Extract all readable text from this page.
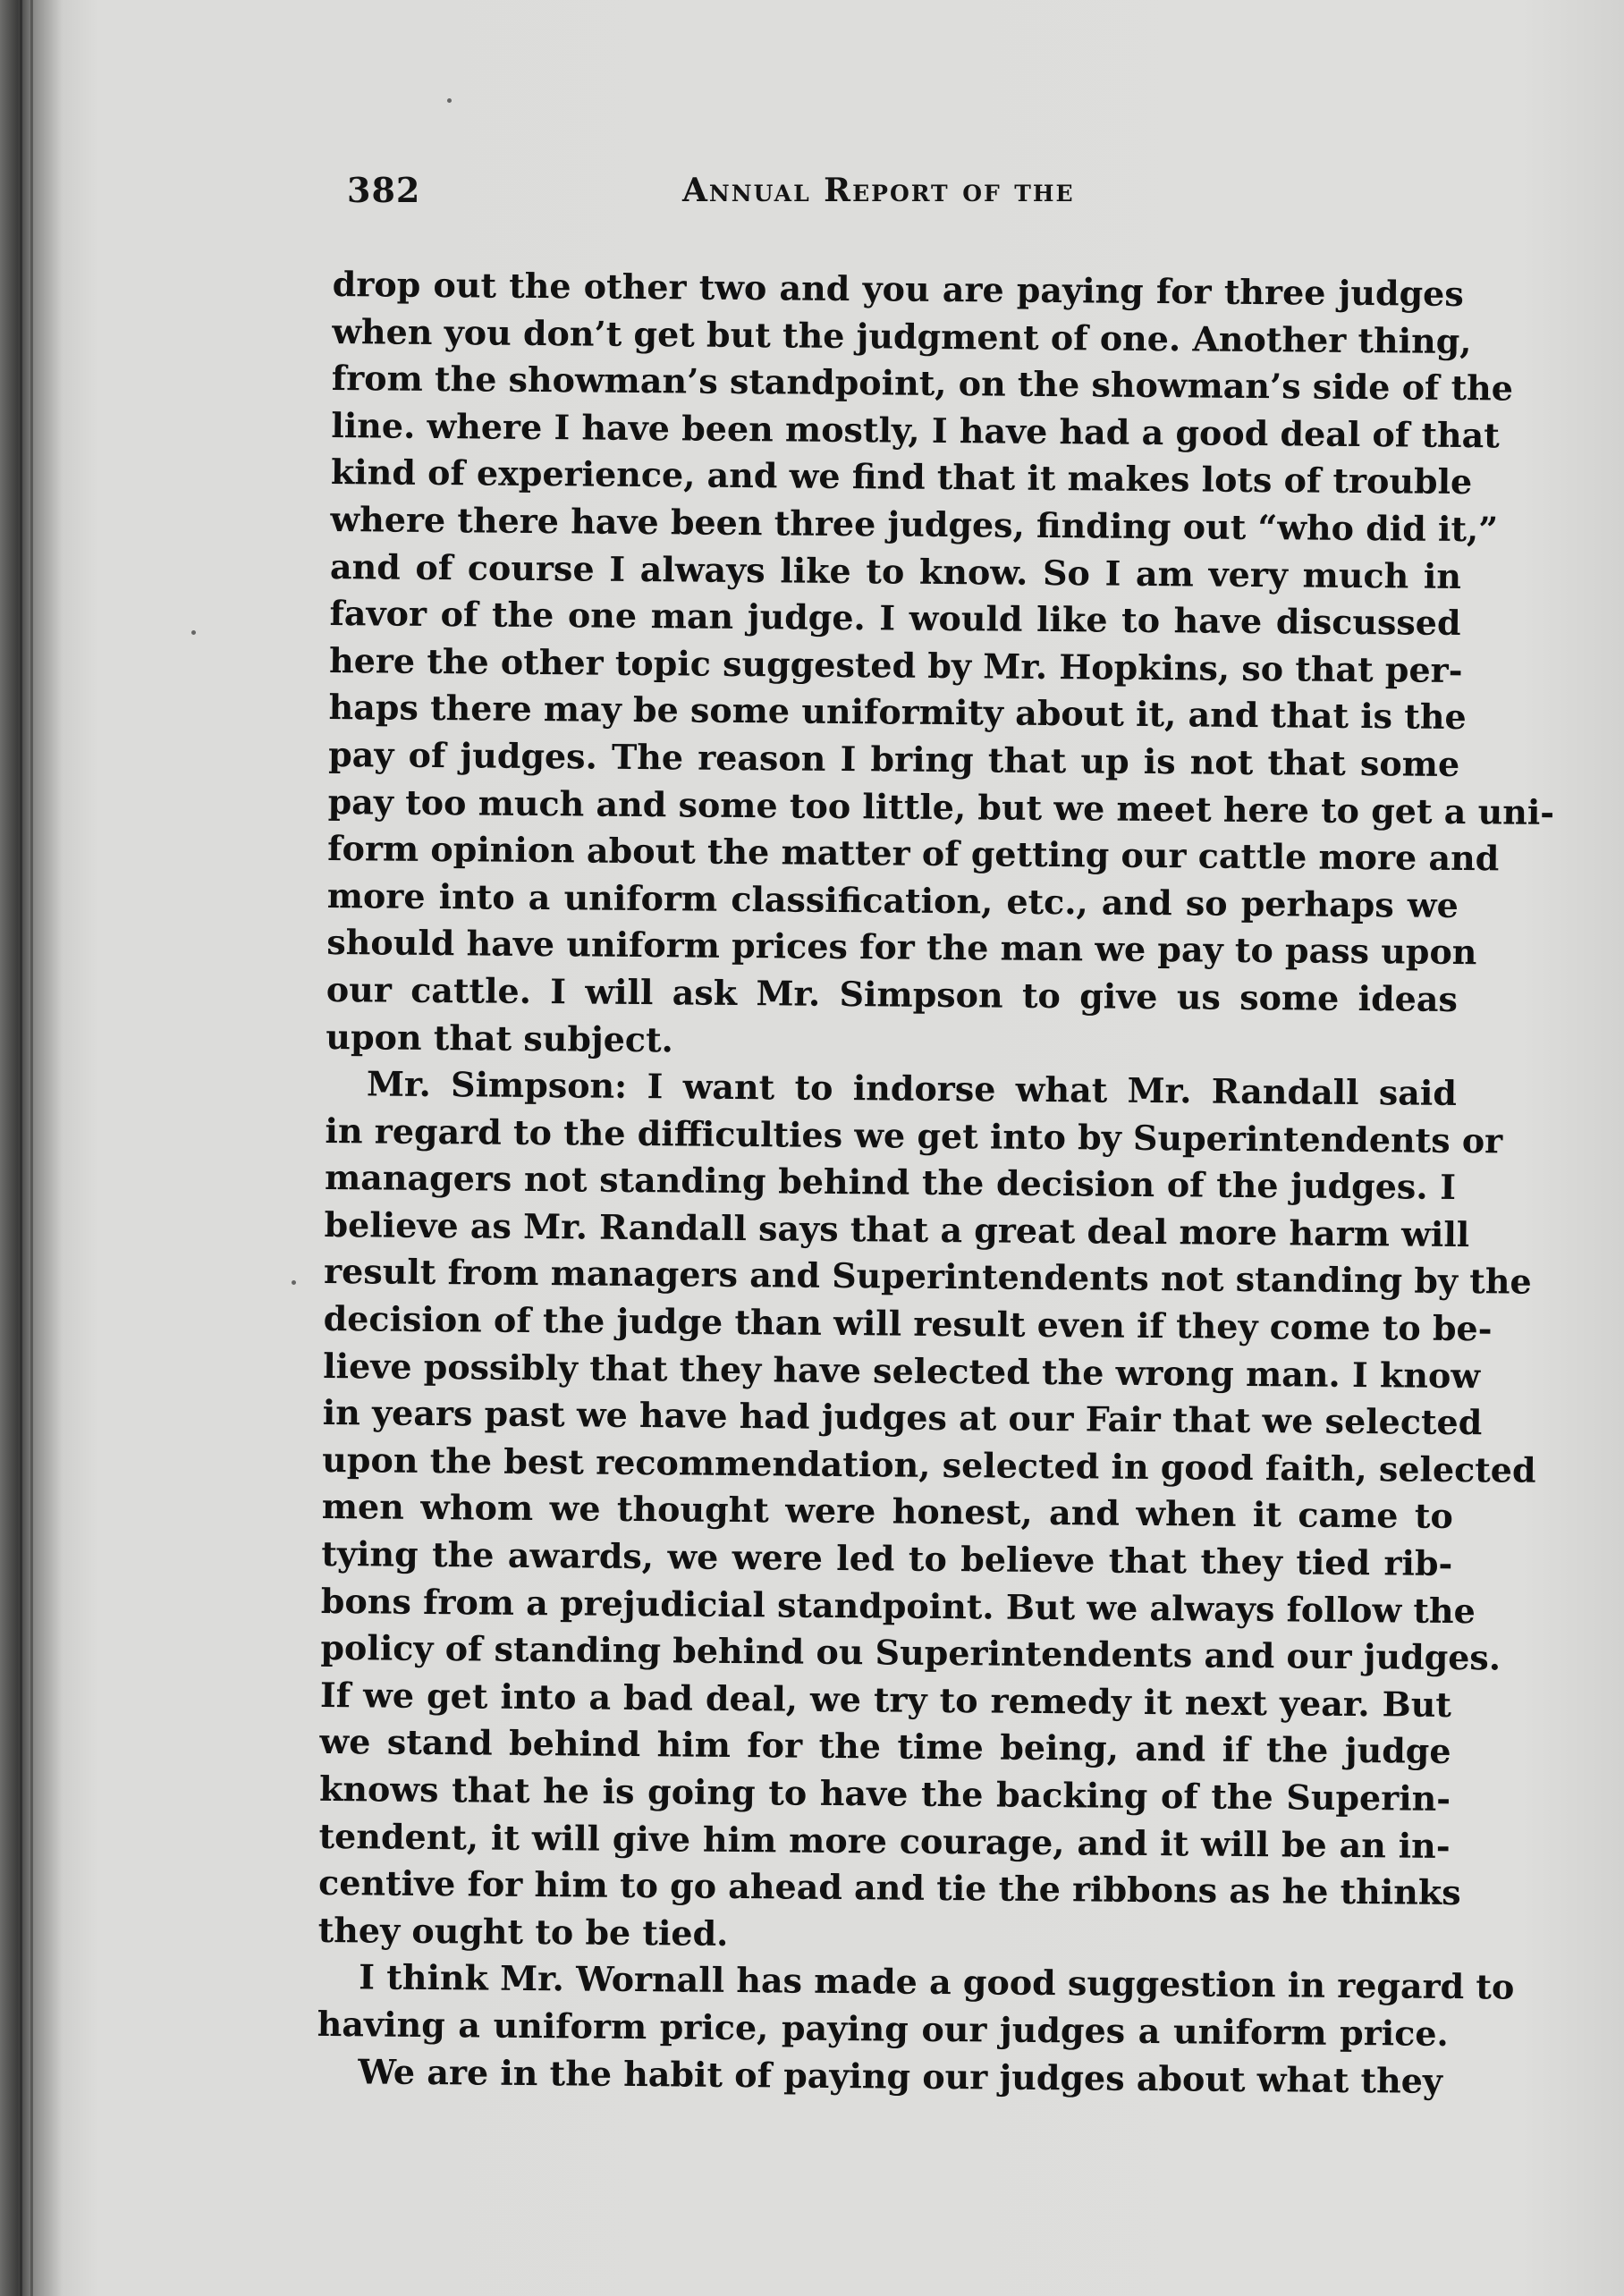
382	Annual Report of the
drop out the other two and you are paying for three judges
when you don’t get but the judgment of one. Another thing,
from the showman’s standpoint, on the showman’s side of the
line. where I have been mostly, I have had a good deal of that
kind of experience, and we find that it makes lots of trouble
where there have been three judges, finding out “who did it,”
and of course I always like to know. So I am very much in
favor of the one man judge. I would like to have discussed
here the other topic suggested by Mr. Hopkins, so that per-
haps there may be some uniformity about it, and that is the
pay of judges. The reason I bring that up is not that some
pay too much and some too little, but we meet here to get a uni-
form opinion about the matter of getting our cattle more and
more into a uniform classification, etc., and so perhaps we
should have uniform prices for the man we pay to pass upon
our cattle. I will ask Mr. Simpson to give us some ideas
upon that subject.
Mr. Simpson: I want to indorse what Mr. Randall said
in regard to the difficulties we get into by Superintendents or
managers not standing behind the decision of the judges. I
believe as Mr. Randall says that a great deal more harm will
result from managers and Superintendents not standing by the
decision of the judge than will result even if they come to be-
lieve possibly that they have selected the wrong man. I know
in years past we have had judges at our Fair that we selected
upon the best recommendation, selected in good faith, selected
men whom we thought were honest, and when it came to
tying the awards, we were led to believe that they tied rib-
bons from a prejudicial standpoint. But we always follow the
policy of standing behind ou Superintendents and our judges.
If we get into a bad deal, we try to remedy it next year. But
we stand behind him for the time being, and if the judge
knows that he is going to have the backing of the Superin-
tendent, it will give him more courage, and it will be an in-
centive for him to go ahead and tie the ribbons as he thinks
they ought to be tied.
I think Mr. Wornall has made a good suggestion in regard to
having a uniform price, paying our judges a uniform price.
We are in the habit of paying our judges about what they
